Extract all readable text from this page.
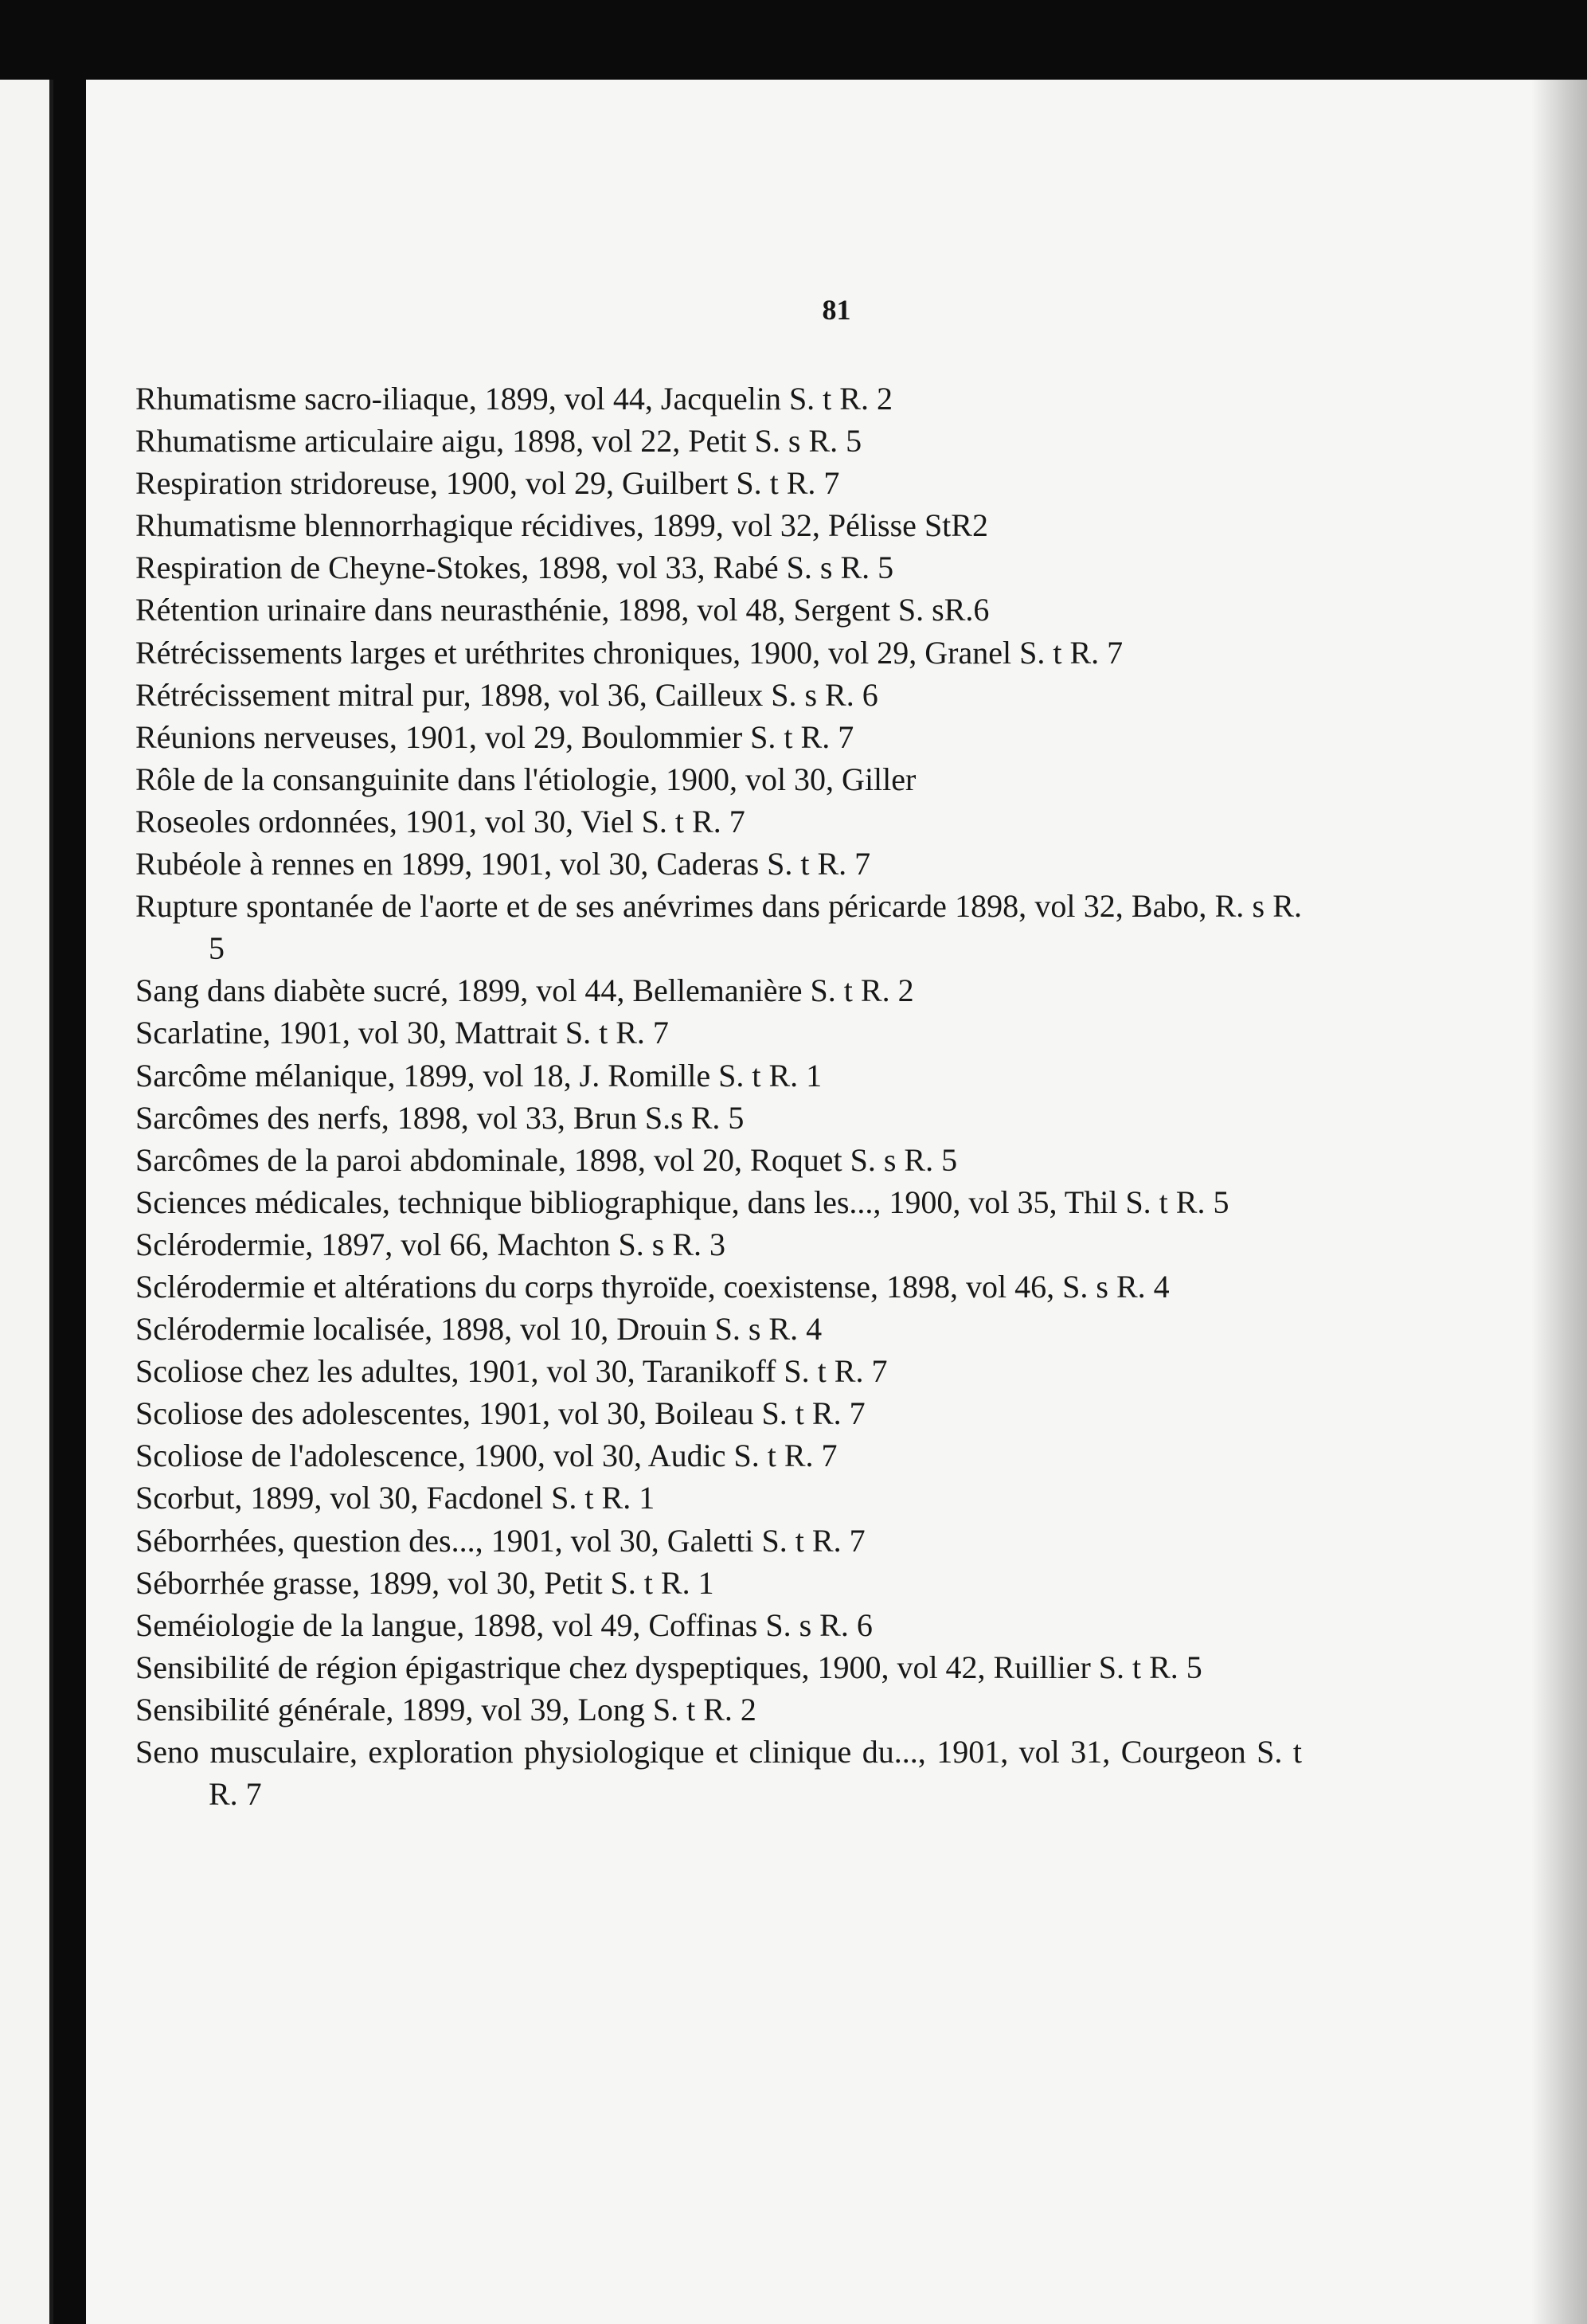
81
Rhumatisme sacro-iliaque, 1899, vol 44, Jacquelin S. t R. 2
Rhumatisme articulaire aigu, 1898, vol 22, Petit S. s R. 5
Respiration stridoreuse, 1900, vol 29, Guilbert S. t R. 7
Rhumatisme blennorrhagique récidives, 1899, vol 32, Pélisse StR2
Respiration de Cheyne-Stokes, 1898, vol 33, Rabé S. s R. 5
Rétention urinaire dans neurasthénie, 1898, vol 48, Sergent S. sR.6
Rétrécissements larges et uréthrites chroniques, 1900, vol 29, Granel S. t R. 7
Rétrécissement mitral pur, 1898, vol 36, Cailleux S. s R. 6
Réunions nerveuses, 1901, vol 29, Boulommier S. t R. 7
Rôle de la consanguinite dans l'étiologie, 1900, vol 30, Giller
Roseoles ordonnées, 1901, vol 30, Viel S. t R. 7
Rubéole à rennes en 1899, 1901, vol 30, Caderas S. t R. 7
Rupture spontanée de l'aorte et de ses anévrimes dans péricarde 1898, vol 32, Babo, R. s R. 5
Sang dans diabète sucré, 1899, vol 44, Bellemanière S. t R. 2
Scarlatine, 1901, vol 30, Mattrait S. t R. 7
Sarcôme mélanique, 1899, vol 18, J. Romille S. t R. 1
Sarcômes des nerfs, 1898, vol 33, Brun S.s R. 5
Sarcômes de la paroi abdominale, 1898, vol 20, Roquet S. s R. 5
Sciences médicales, technique bibliographique, dans les..., 1900, vol 35, Thil S. t R. 5
Sclérodermie, 1897, vol 66, Machton S. s R. 3
Sclérodermie et altérations du corps thyroïde, coexistense, 1898, vol 46, S. s R. 4
Sclérodermie localisée, 1898, vol 10, Drouin S. s R. 4
Scoliose chez les adultes, 1901, vol 30, Taranikoff S. t R. 7
Scoliose des adolescentes, 1901, vol 30, Boileau S. t R. 7
Scoliose de l'adolescence, 1900, vol 30, Audic S. t R. 7
Scorbut, 1899, vol 30, Facdonel S. t R. 1
Séborrhées, question des..., 1901, vol 30, Galetti S. t R. 7
Séborrhée grasse, 1899, vol 30, Petit S. t R. 1
Seméiologie de la langue, 1898, vol 49, Coffinas S. s R. 6
Sensibilité de région épigastrique chez dyspeptiques, 1900, vol 42, Ruillier S. t R. 5
Sensibilité générale, 1899, vol 39, Long S. t R. 2
Seno musculaire, exploration physiologique et clinique du..., 1901, vol 31, Courgeon S. t R. 7
